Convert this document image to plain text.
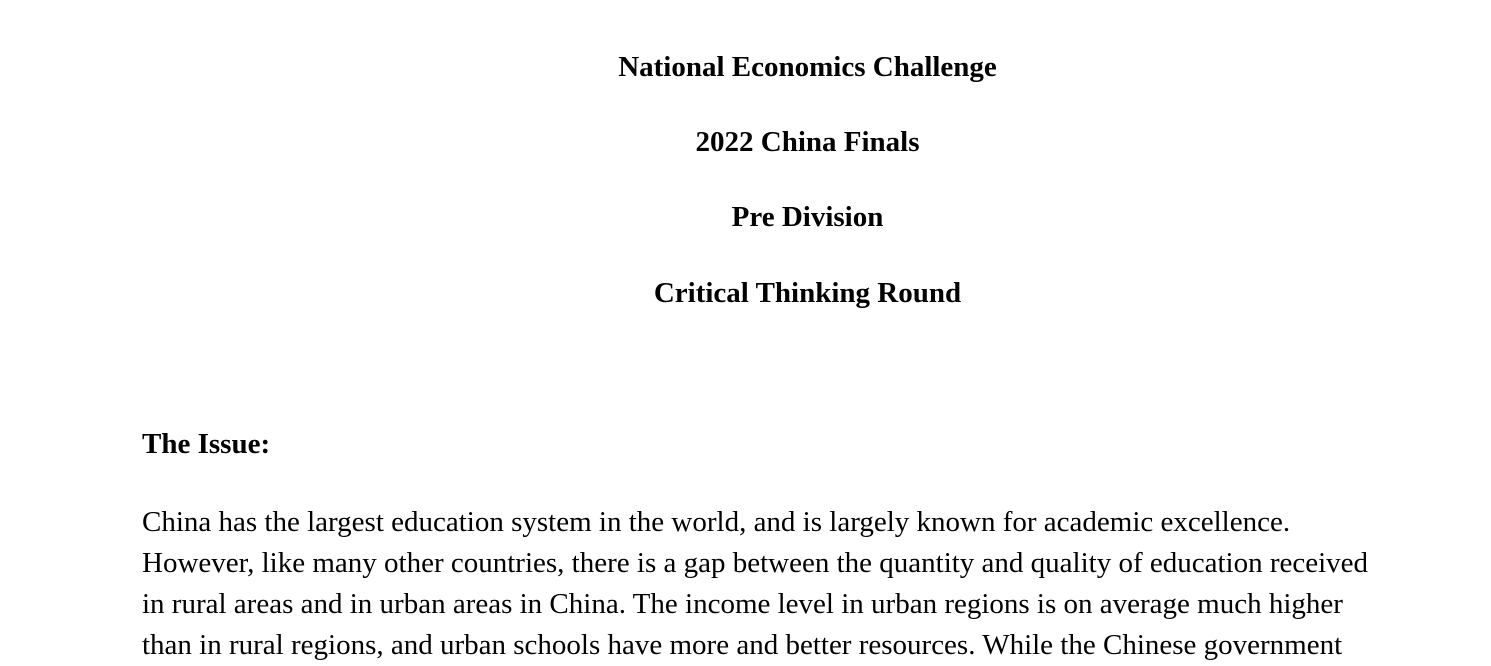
National Economics Challenge
2022 China Finals
Pre Division
Critical Thinking Round
The Issue:
China has the largest education system in the world, and is largely known for academic excellence.
However, like many other countries, there is a gap between the quantity and quality of education received
in rural areas and in urban areas in China. The income level in urban regions is on average much higher
than in rural regions, and urban schools have more and better resources. While the Chinese government
